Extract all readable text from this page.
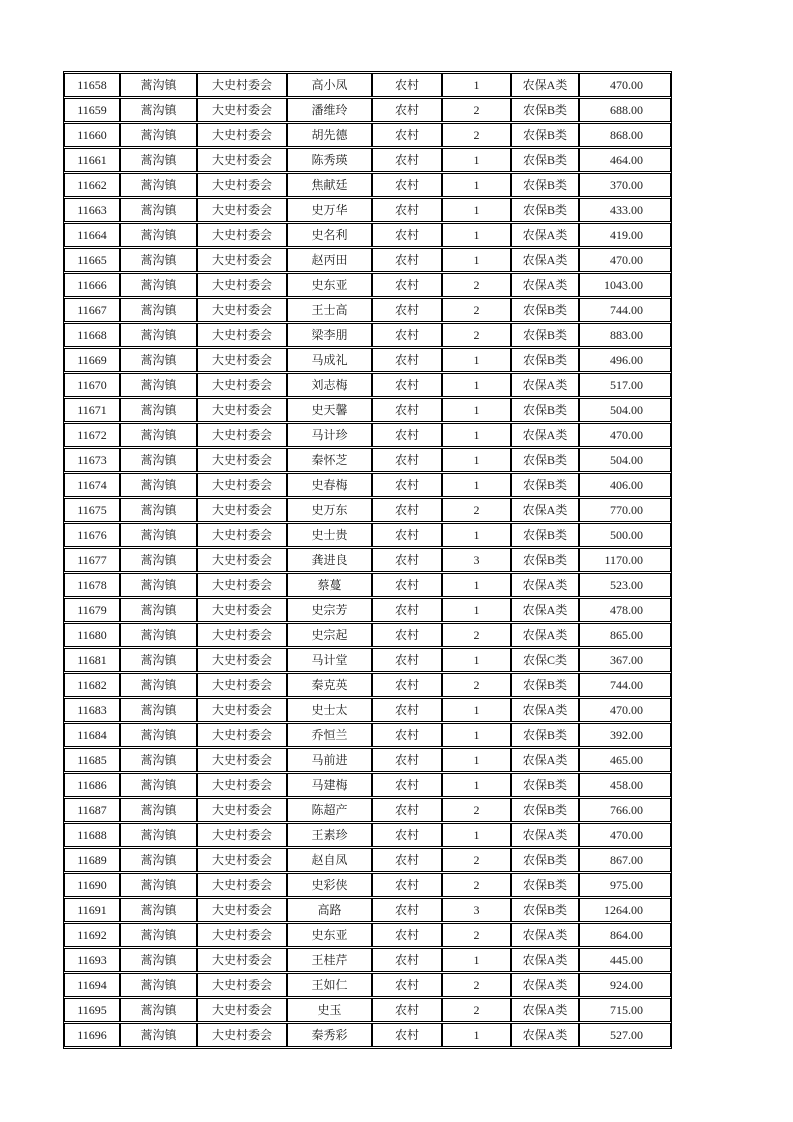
11658	蒿沟镇	大史村委会	高小凤	农村	1	农保A类	470.00
11659	蒿沟镇	大史村委会	潘维玲	农村	2	农保B类	688.00
11660	蒿沟镇	大史村委会	胡先德	农村	2	农保B类	868.00
11661	蒿沟镇	大史村委会	陈秀瑛	农村	1	农保B类	464.00
11662	蒿沟镇	大史村委会	焦献廷	农村	1	农保B类	370.00
11663	蒿沟镇	大史村委会	史万华	农村	1	农保B类	433.00
11664	蒿沟镇	大史村委会	史名利	农村	1	农保A类	419.00
11665	蒿沟镇	大史村委会	赵丙田	农村	1	农保A类	470.00
11666	蒿沟镇	大史村委会	史东亚	农村	2	农保A类	1043.00
11667	蒿沟镇	大史村委会	王士高	农村	2	农保B类	744.00
11668	蒿沟镇	大史村委会	梁李朋	农村	2	农保B类	883.00
11669	蒿沟镇	大史村委会	马成礼	农村	1	农保B类	496.00
11670	蒿沟镇	大史村委会	刘志梅	农村	1	农保A类	517.00
11671	蒿沟镇	大史村委会	史天馨	农村	1	农保B类	504.00
11672	蒿沟镇	大史村委会	马计珍	农村	1	农保A类	470.00
11673	蒿沟镇	大史村委会	秦怀芝	农村	1	农保B类	504.00
11674	蒿沟镇	大史村委会	史春梅	农村	1	农保B类	406.00
11675	蒿沟镇	大史村委会	史万东	农村	2	农保A类	770.00
11676	蒿沟镇	大史村委会	史士贵	农村	1	农保B类	500.00
11677	蒿沟镇	大史村委会	龚进良	农村	3	农保B类	1170.00
11678	蒿沟镇	大史村委会	蔡蔓	农村	1	农保A类	523.00
11679	蒿沟镇	大史村委会	史宗芳	农村	1	农保A类	478.00
11680	蒿沟镇	大史村委会	史宗起	农村	2	农保A类	865.00
11681	蒿沟镇	大史村委会	马计堂	农村	1	农保C类	367.00
11682	蒿沟镇	大史村委会	秦克英	农村	2	农保B类	744.00
11683	蒿沟镇	大史村委会	史士太	农村	1	农保A类	470.00
11684	蒿沟镇	大史村委会	乔恒兰	农村	1	农保B类	392.00
11685	蒿沟镇	大史村委会	马前进	农村	1	农保A类	465.00
11686	蒿沟镇	大史村委会	马建梅	农村	1	农保B类	458.00
11687	蒿沟镇	大史村委会	陈超产	农村	2	农保B类	766.00
11688	蒿沟镇	大史村委会	王素珍	农村	1	农保A类	470.00
11689	蒿沟镇	大史村委会	赵自凤	农村	2	农保B类	867.00
11690	蒿沟镇	大史村委会	史彩侠	农村	2	农保B类	975.00
11691	蒿沟镇	大史村委会	高路	农村	3	农保B类	1264.00
11692	蒿沟镇	大史村委会	史东亚	农村	2	农保A类	864.00
11693	蒿沟镇	大史村委会	王桂芹	农村	1	农保A类	445.00
11694	蒿沟镇	大史村委会	王如仁	农村	2	农保A类	924.00
11695	蒿沟镇	大史村委会	史玉	农村	2	农保A类	715.00
11696	蒿沟镇	大史村委会	秦秀彩	农村	1	农保A类	527.00
